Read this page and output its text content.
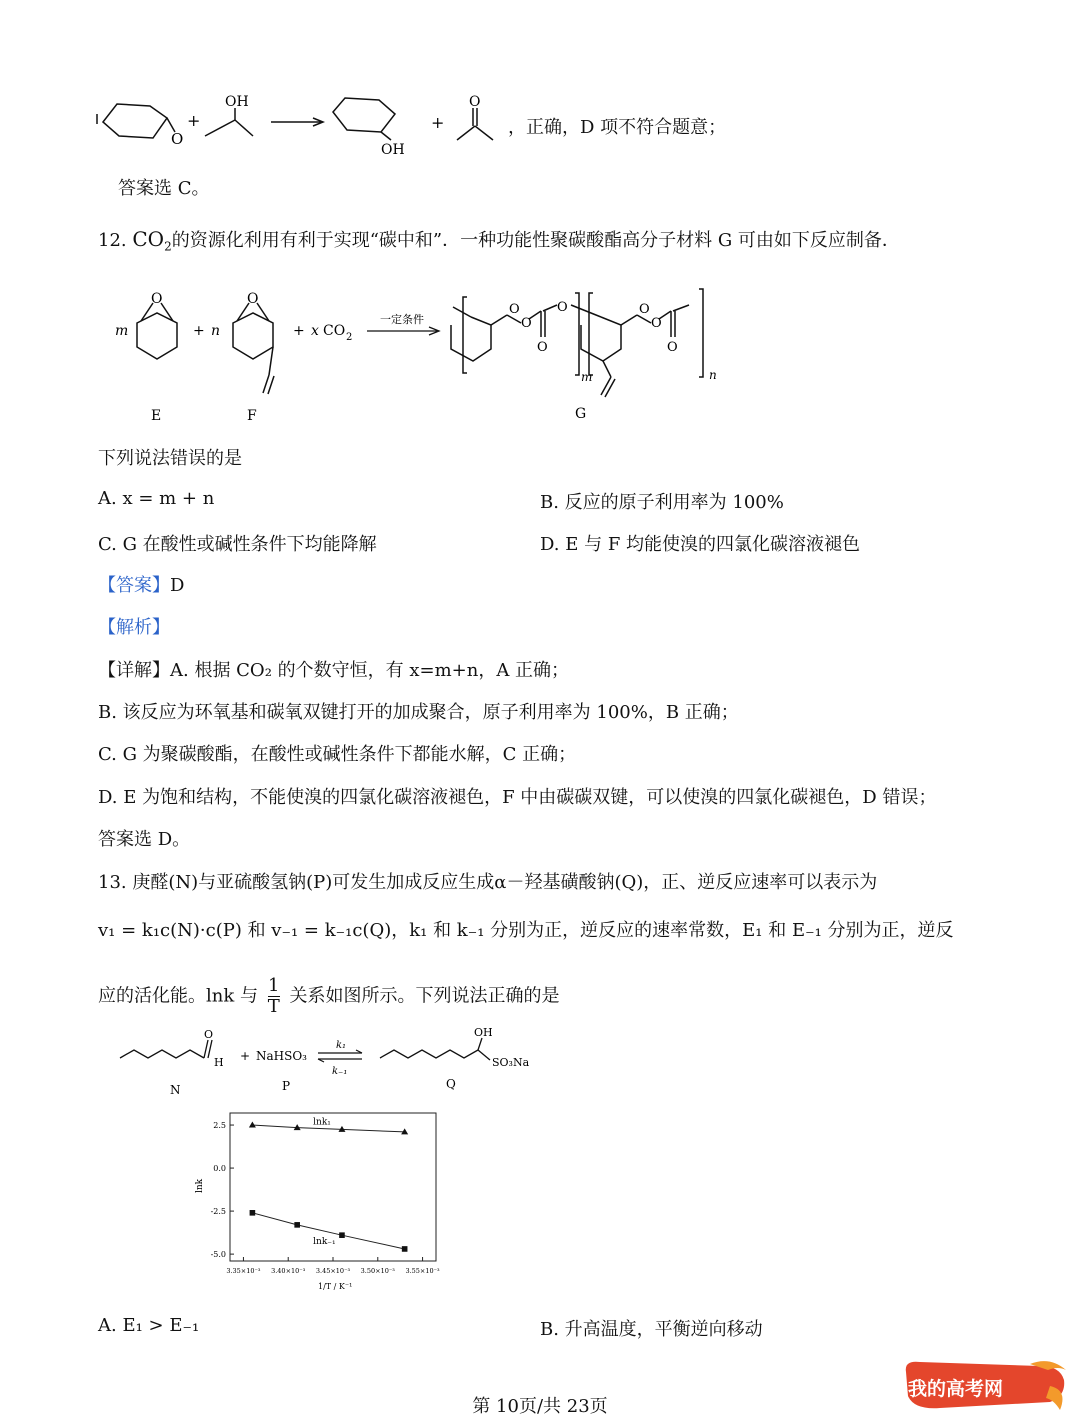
O
+
OH
OH
+
O
，正确，D 项不符合题意；
答案选 C。
12. $CO_2$的资源化利用有利于实现“碳中和”．一种功能性聚碳酸酯高分子材料 G 可由如下反应制备．
m
O
+ n
O
+ x CO 2
一定条件
O
O
O
O	O
O
O
m	n
E	F	G
下列说法错误的是
A. x = m + n	B. 反应的原子利用率为 100%
C. G 在酸性或碱性条件下均能降解	D. E 与 F 均能使溴的四氯化碳溶液褪色
【答案】D
【解析】
【详解】A. 根据 CO₂ 的个数守恒，有 x=m+n，A 正确；
B. 该反应为环氧基和碳氧双键打开的加成聚合，原子利用率为 100%，B 正确；
C. G 为聚碳酸酯，在酸性或碱性条件下都能水解，C 正确；
D. E 为饱和结构，不能使溴的四氯化碳溶液褪色，F 中由碳碳双键，可以使溴的四氯化碳褪色，D 错误；
答案选 D。
13. 庚醛(N)与亚硫酸氢钠(P)可发生加成反应生成α－羟基磺酸钠(Q)，正、逆反应速率可以表示为
v₁ = k₁c(N)·c(P) 和 v₋₁ = k₋₁c(Q)，k₁ 和 k₋₁ 分别为正，逆反应的速率常数，E₁ 和 E₋₁ 分别为正，逆反
应的活化能。lnk 与 $\frac{1}{T}$ 关系如图所示。下列说法正确的是
O
H + NaHSO₃
k₁
k₋₁
OH
SO₃Na
N	P	Q
2.5
0.0
-2.5
-5.0
3.35×10⁻³ 3.40×10⁻³ 3.45×10⁻³ 3.50×10⁻³ 3.55×10⁻³
lnk₁
lnk₋₁
lnk
1/T / K⁻¹
A. E₁ > E₋₁	B. 升高温度，平衡逆向移动
第 10页/共 23页
我的高考网
